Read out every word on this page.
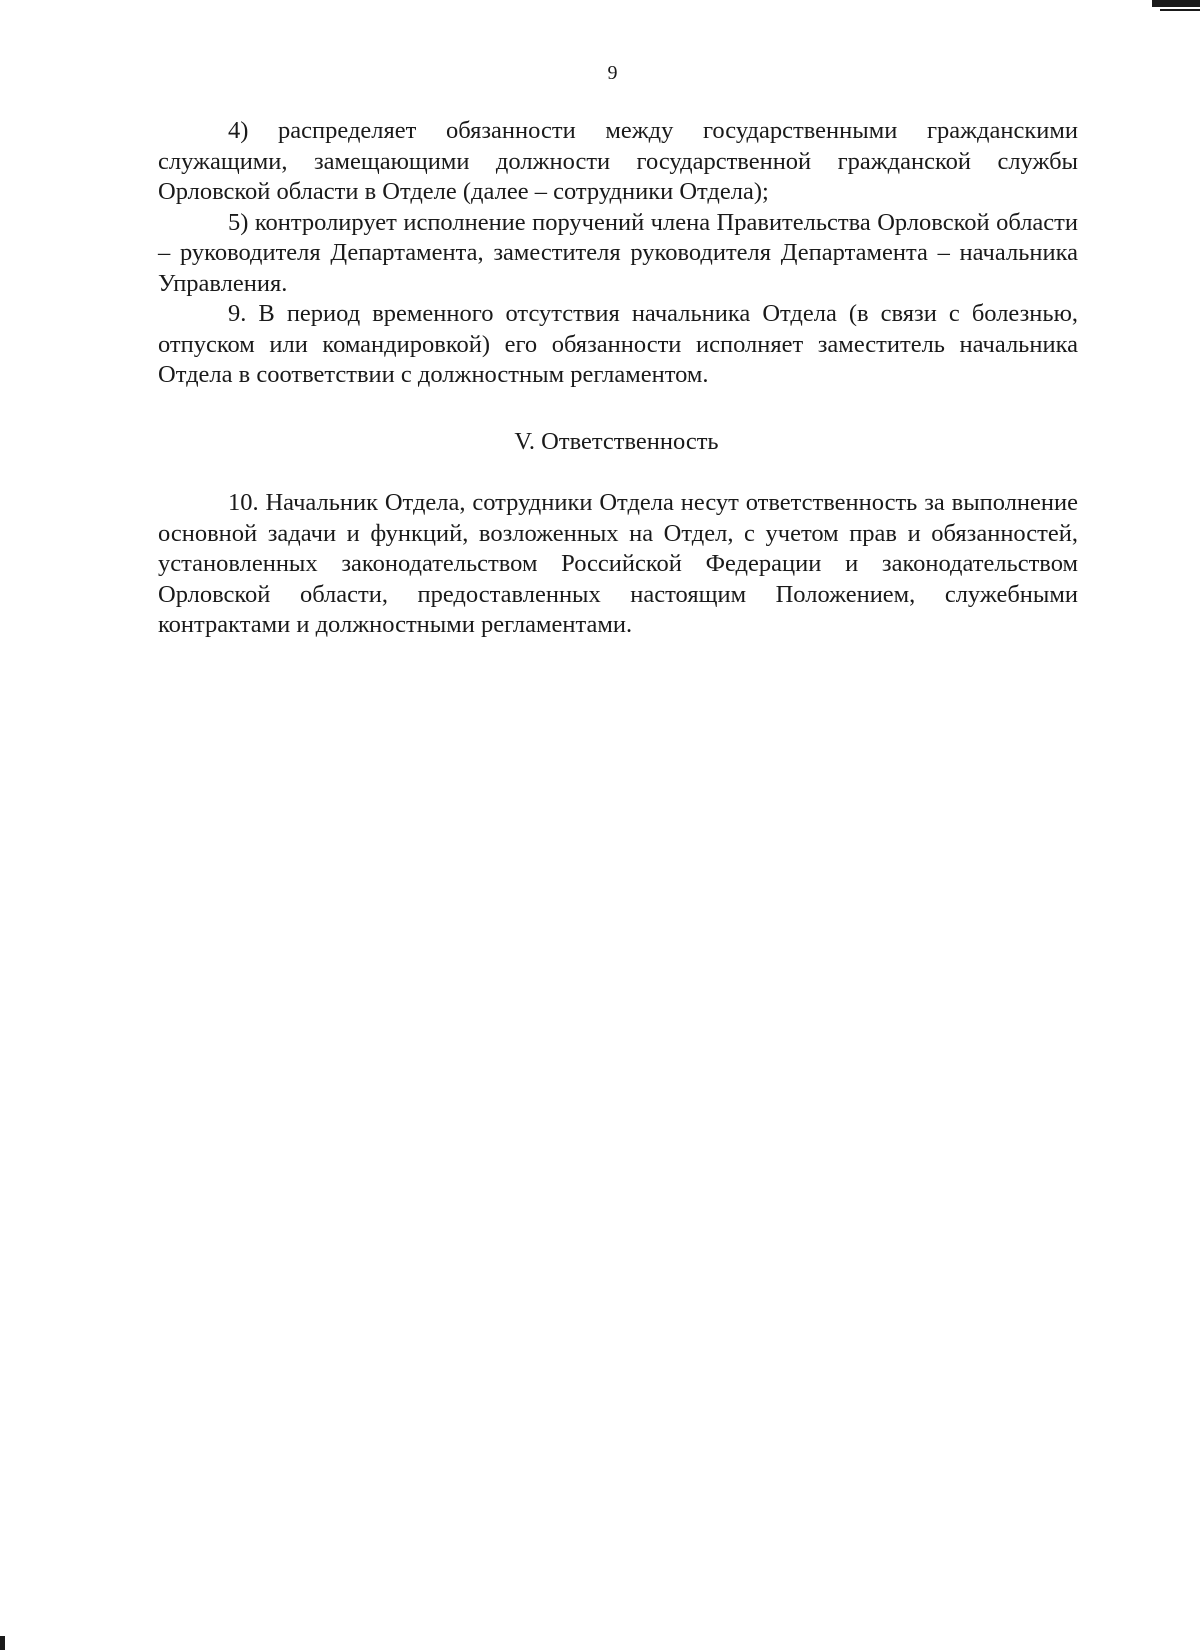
9

4) распределяет обязанности между государственными гражданскими служащими, замещающими должности государственной гражданской службы Орловской области в Отделе (далее – сотрудники Отдела);

5) контролирует исполнение поручений члена Правительства Орловской области – руководителя Департамента, заместителя руководителя Департамента – начальника Управления.

9. В период временного отсутствия начальника Отдела (в связи с болезнью, отпуском или командировкой) его обязанности исполняет заместитель начальника Отдела в соответствии с должностным регламентом.

V. Ответственность

10. Начальник Отдела, сотрудники Отдела несут ответственность за выполнение основной задачи и функций, возложенных на Отдел, с учетом прав и обязанностей, установленных законодательством Российской Федерации и законодательством Орловской области, предоставленных настоящим Положением, служебными контрактами и должностными регламентами.
